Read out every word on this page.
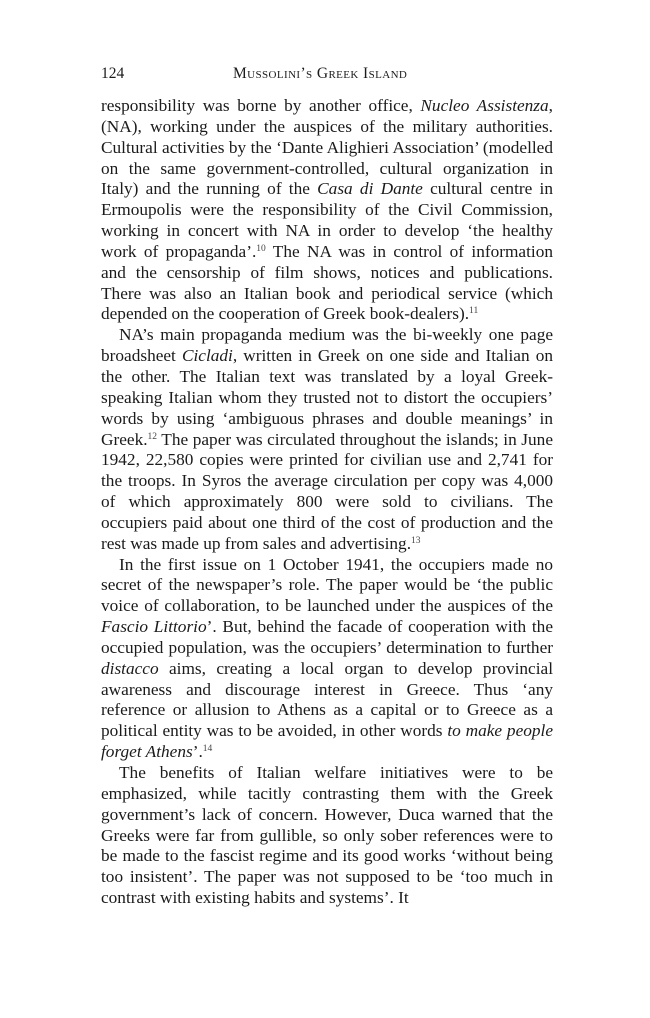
124	Mussolini’s Greek Island

responsibility was borne by another office, Nucleo Assistenza, (NA), working under the auspices of the military authorities. Cultural activities by the ‘Dante Alighieri Association’ (modelled on the same government-controlled, cultural organization in Italy) and the running of the Casa di Dante cultural centre in Ermoupolis were the responsibility of the Civil Commission, working in concert with NA in order to develop ‘the healthy work of propaganda’.$^{10}$ The NA was in control of information and the censorship of film shows, notices and publications. There was also an Italian book and periodical service (which depended on the cooperation of Greek book-dealers).$^{11}$

NA’s main propaganda medium was the bi-weekly one page broadsheet Cicladi, written in Greek on one side and Italian on the other. The Italian text was translated by a loyal Greek-speaking Italian whom they trusted not to distort the occupiers’ words by using ‘ambiguous phrases and double meanings’ in Greek.$^{12}$ The paper was circulated throughout the islands; in June 1942, 22,580 copies were printed for civilian use and 2,741 for the troops. In Syros the average circulation per copy was 4,000 of which approximately 800 were sold to civilians. The occupiers paid about one third of the cost of production and the rest was made up from sales and advertising.$^{13}$

In the first issue on 1 October 1941, the occupiers made no secret of the newspaper’s role. The paper would be ‘the public voice of collaboration, to be launched under the auspices of the Fascio Littorio’. But, behind the facade of cooperation with the occupied population, was the occupiers’ determination to further distacco aims, creating a local organ to develop provincial awareness and discourage interest in Greece. Thus ‘any reference or allusion to Athens as a capital or to Greece as a political entity was to be avoided, in other words to make people forget Athens’.$^{14}$

The benefits of Italian welfare initiatives were to be emphasized, while tacitly contrasting them with the Greek government’s lack of concern. However, Duca warned that the Greeks were far from gullible, so only sober references were to be made to the fascist regime and its good works ‘without being too insistent’. The paper was not supposed to be ‘too much in contrast with existing habits and systems’. It
